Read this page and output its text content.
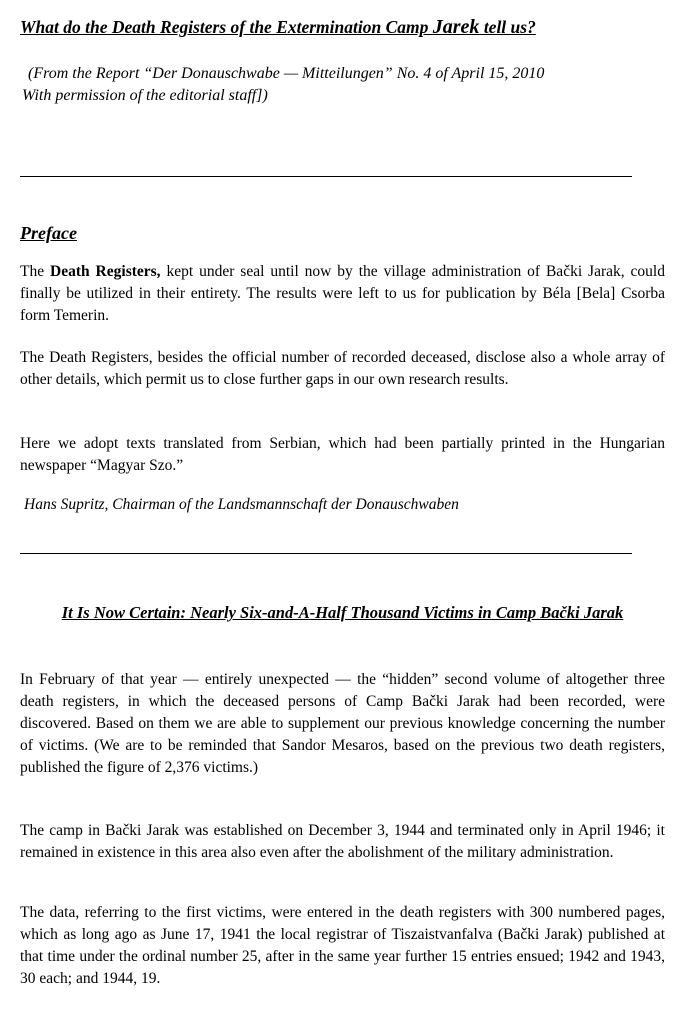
What do the Death Registers of the Extermination Camp Jarek tell us?

(From the Report “Der Donauschwabe — Mitteilungen” No. 4 of April 15, 2010
With permission of the editorial staff])

Preface

The Death Registers, kept under seal until now by the village administration of Bački Jarak, could finally be utilized in their entirety. The results were left to us for publication by Béla [Bela] Csorba form Temerin.

The Death Registers, besides the official number of recorded deceased, disclose also a whole array of other details, which permit us to close further gaps in our own research results.

Here we adopt texts translated from Serbian, which had been partially printed in the Hungarian newspaper “Magyar Szo.”

Hans Supritz, Chairman of the Landsmannschaft der Donauschwaben

It Is Now Certain: Nearly Six-and-A-Half Thousand Victims in Camp Bački Jarak

In February of that year — entirely unexpected — the “hidden” second volume of altogether three death registers, in which the deceased persons of Camp Bački Jarak had been recorded, were discovered. Based on them we are able to supplement our previous knowledge concerning the number of victims. (We are to be reminded that Sandor Mesaros, based on the previous two death registers, published the figure of 2,376 victims.)

The camp in Bački Jarak was established on December 3, 1944 and terminated only in April 1946; it remained in existence in this area also even after the abolishment of the military administration.

The data, referring to the first victims, were entered in the death registers with 300 numbered pages, which as long ago as June 17, 1941 the local registrar of Tiszaistvanfalva (Bački Jarak) published at that time under the ordinal number 25, after in the same year further 15 entries ensued; 1942 and 1943, 30 each; and 1944, 19.
